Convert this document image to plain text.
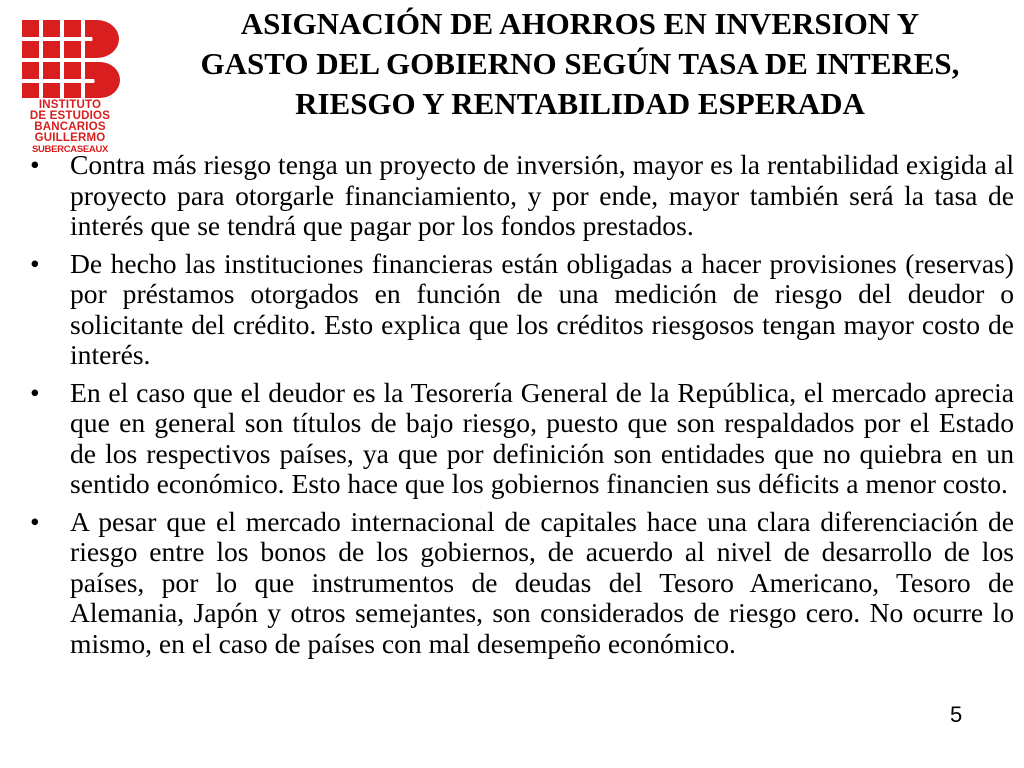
INSTITUTO
DE ESTUDIOS
BANCARIOS
GUILLERMO
SUBERCASEAUX
ASIGNACIÓN DE AHORROS EN INVERSION Y
GASTO DEL GOBIERNO SEGÚN TASA DE INTERES,
RIESGO Y RENTABILIDAD ESPERADA
•	Contra más riesgo tenga un proyecto de inversión, mayor es la rentabilidad exigida al proyecto para otorgarle financiamiento, y por ende, mayor también será la tasa de interés que se tendrá que pagar por los fondos prestados.
•	De hecho las instituciones financieras están obligadas a hacer provisiones (reservas) por préstamos otorgados en función de una medición de riesgo del deudor o solicitante del crédito. Esto explica que los créditos riesgosos tengan mayor costo de interés.
•	En el caso que el deudor es la Tesorería General de la República, el mercado aprecia que en general son títulos de bajo riesgo, puesto que son respaldados por el Estado de los respectivos países, ya que por definición son entidades que no quiebra en un sentido económico. Esto hace que los gobiernos financien sus déficits a menor costo.
•	A pesar que el mercado internacional de capitales hace una clara diferenciación de riesgo entre los bonos de los gobiernos, de acuerdo al nivel de desarrollo de los países, por lo que instrumentos de deudas del Tesoro Americano, Tesoro de Alemania, Japón y otros semejantes, son considerados de riesgo cero. No ocurre lo mismo, en el caso de países con mal desempeño económico.
5
